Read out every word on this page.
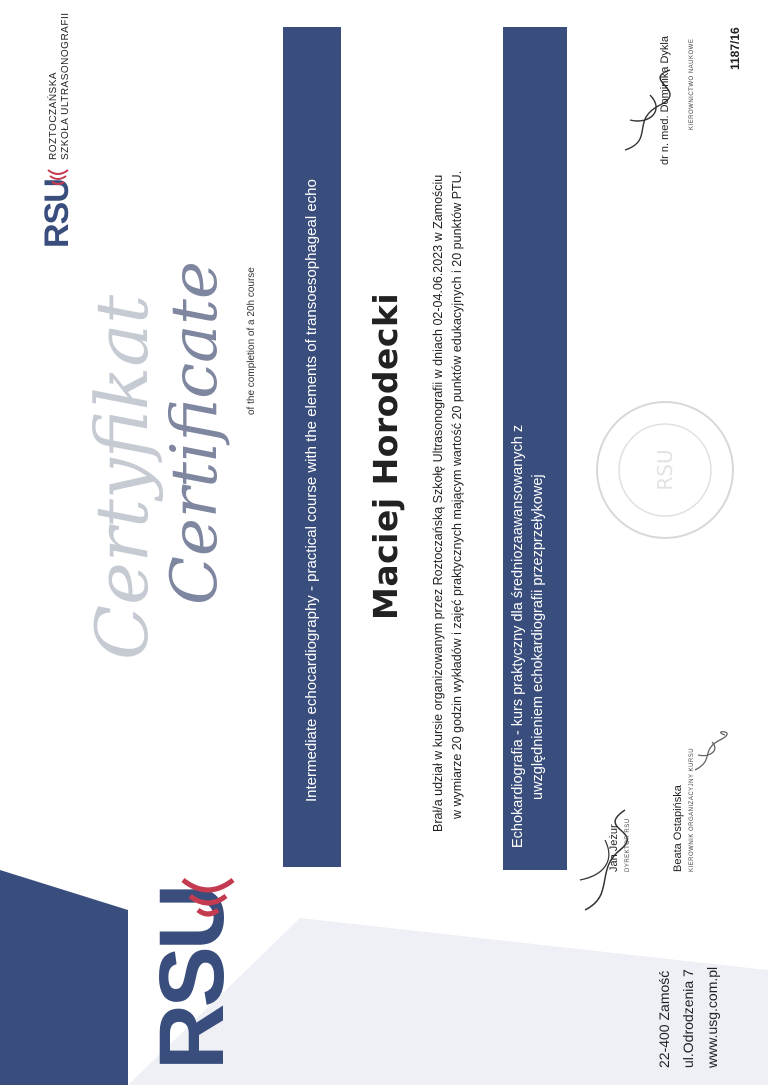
RSU
ROZTOCZAŃSKA SZKOŁA ULTRASONOGRAFII
Intermediate echocardiography - practical course with the elements of transoesophageal echo
Certyfikat
Certificate of the completion of a 20h course	Maciej Horodecki Brał/a udział w kursie organizowanym przez Roztoczańską Szkołę Ultrasonografii w dniach 02-04.06.2023 w Zamościu w wymiarze 20 godzin wykładów i zajęć praktycznych mającym wartość 20 punktów edukacyjnych i 20 punktów PTU.	RSU
Echokardiografia - kurs praktyczny dla średniozaawansowanych z uwzględnieniem echokardiografii przezprzełykowej
Jan Jeżur DYREKTOR RSU	Beata Ostapińska KIEROWNIK ORGANIZACYJNY KURSU
dr n. med. Dominika Dykla	KIEROWNICTWO NAUKOWE	1187/16
RSU	22-400 Zamość ul.Odrodzenia 7 www.usg.com.pl
